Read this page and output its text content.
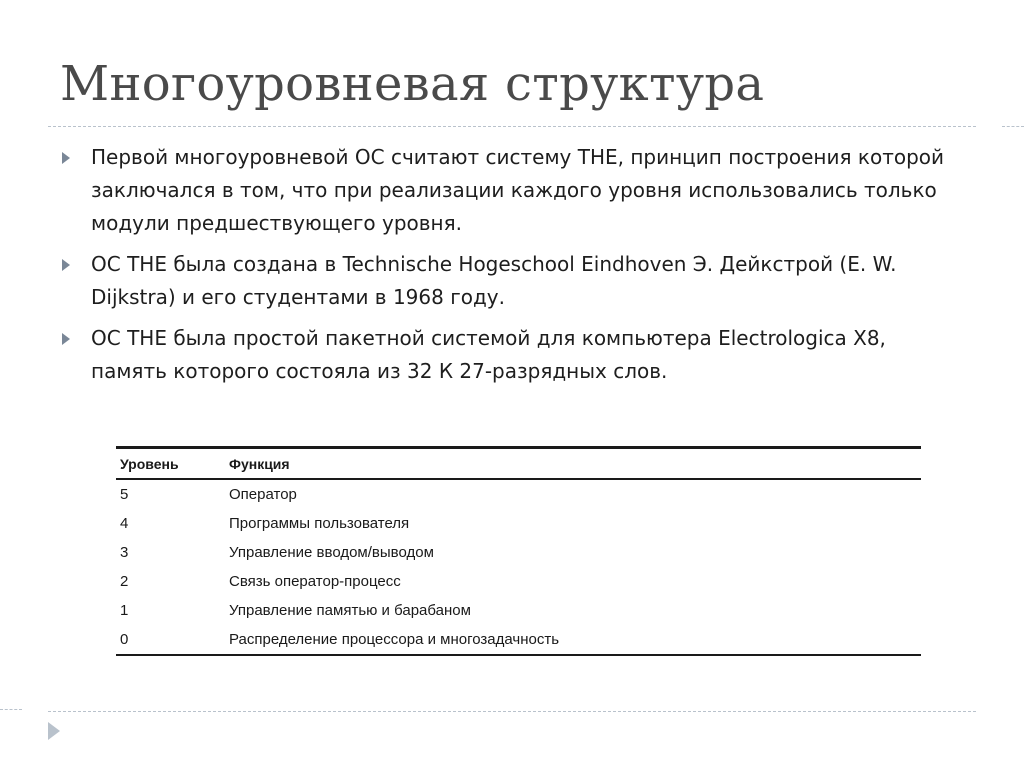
Многоуровневая структура
Первой многоуровневой ОС считают систему THE, принцип построения которой заключался в том, что при реализации каждого уровня использовались только модули предшествующего уровня.
ОС THE была создана в Technische Hogeschool Eindhoven Э. Дейкстрой (E. W. Dijkstra) и его студентами в 1968 году.
ОС THE была простой пакетной системой для компьютера Electrologica X8, память которого состояла из 32 К 27-разрядных слов.
Уровень	Функция
5	Оператор
4	Программы пользователя
3	Управление вводом/выводом
2	Связь оператор-процесс
1	Управление памятью и барабаном
0	Распределение процессора и многозадачность
